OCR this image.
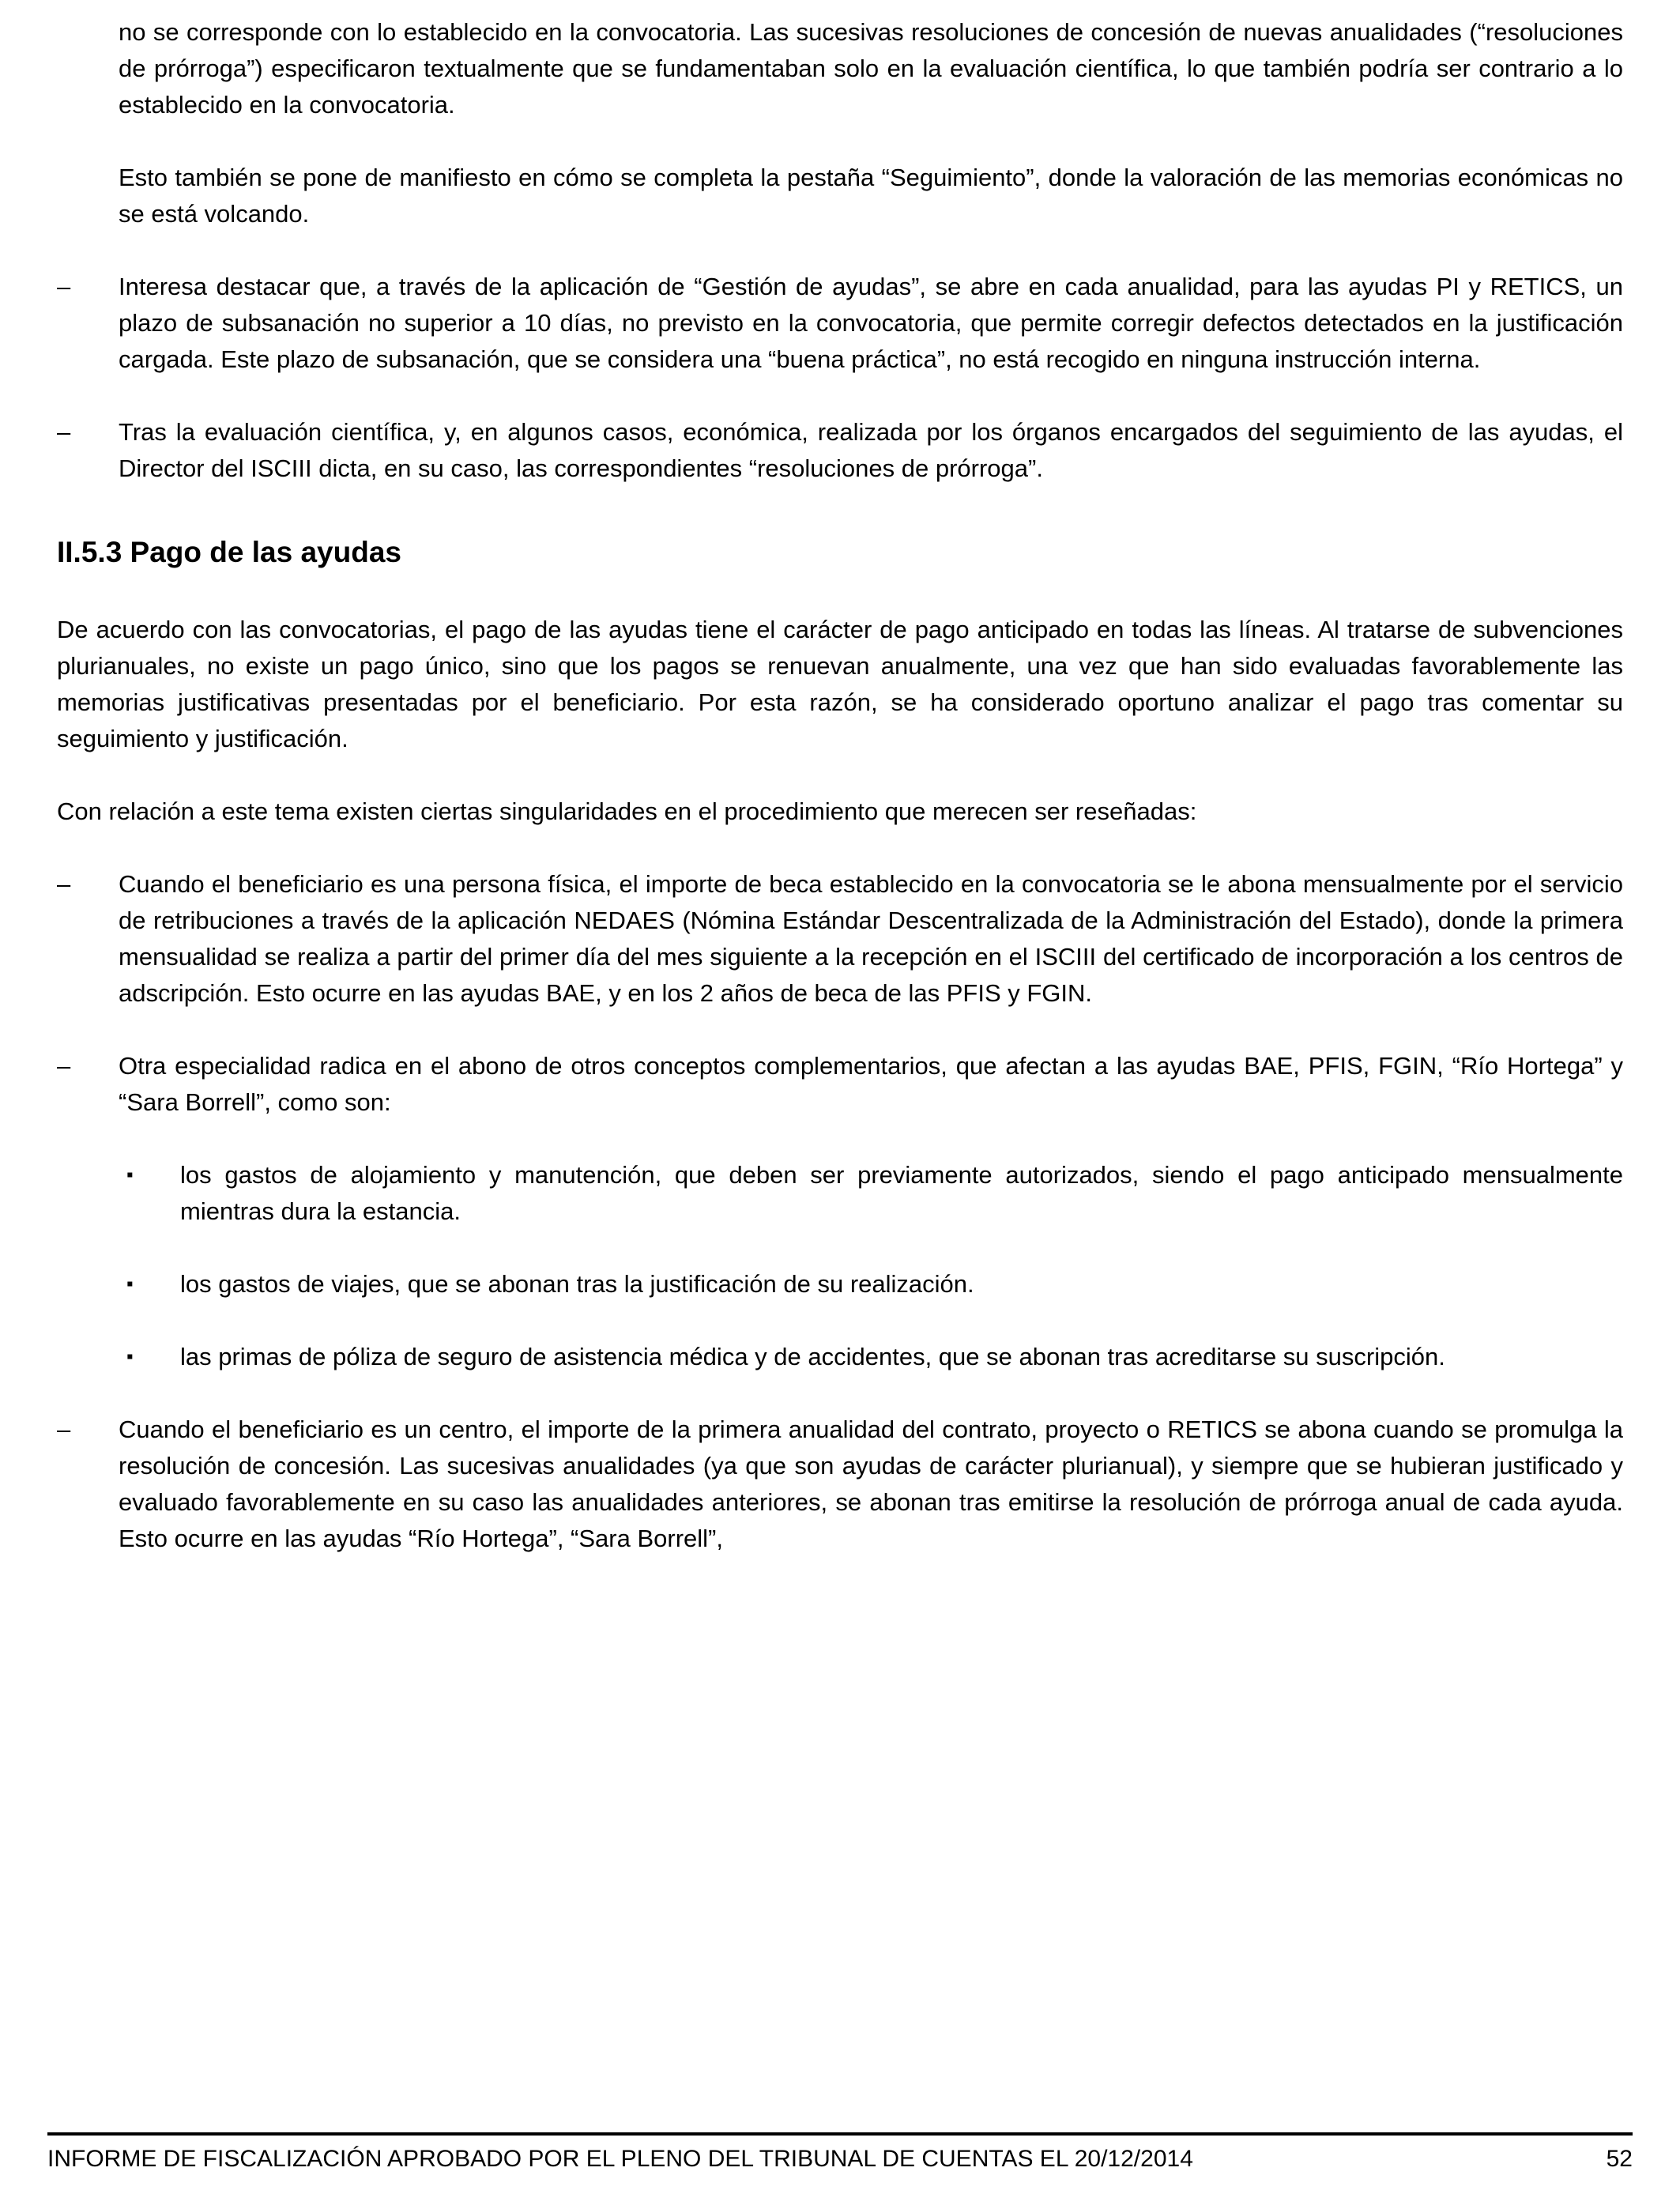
no se corresponde con lo establecido en la convocatoria. Las sucesivas resoluciones de concesión de nuevas anualidades (“resoluciones de prórroga”) especificaron textualmente que se fundamentaban solo en la evaluación científica, lo que también podría ser contrario a lo establecido en la convocatoria.

Esto también se pone de manifiesto en cómo se completa la pestaña “Seguimiento”, donde la valoración de las memorias económicas no se está volcando.

–	Interesa destacar que, a través de la aplicación de “Gestión de ayudas”, se abre en cada anualidad, para las ayudas PI y RETICS, un plazo de subsanación no superior a 10 días, no previsto en la convocatoria, que permite corregir defectos detectados en la justificación cargada. Este plazo de subsanación, que se considera una “buena práctica”, no está recogido en ninguna instrucción interna.

–	Tras la evaluación científica, y, en algunos casos, económica, realizada por los órganos encargados del seguimiento de las ayudas, el Director del ISCIII dicta, en su caso, las correspondientes “resoluciones de prórroga”.

II.5.3 Pago de las ayudas

De acuerdo con las convocatorias, el pago de las ayudas tiene el carácter de pago anticipado en todas las líneas. Al tratarse de subvenciones plurianuales, no existe un pago único, sino que los pagos se renuevan anualmente, una vez que han sido evaluadas favorablemente las memorias justificativas presentadas por el beneficiario. Por esta razón, se ha considerado oportuno analizar el pago tras comentar su seguimiento y justificación.

Con relación a este tema existen ciertas singularidades en el procedimiento que merecen ser reseñadas:

–	Cuando el beneficiario es una persona física, el importe de beca establecido en la convocatoria se le abona mensualmente por el servicio de retribuciones a través de la aplicación NEDAES (Nómina Estándar Descentralizada de la Administración del Estado), donde la primera mensualidad se realiza a partir del primer día del mes siguiente a la recepción en el ISCIII del certificado de incorporación a los centros de adscripción. Esto ocurre en las ayudas BAE, y en los 2 años de beca de las PFIS y FGIN.

–	Otra especialidad radica en el abono de otros conceptos complementarios, que afectan a las ayudas BAE, PFIS, FGIN, “Río Hortega” y “Sara Borrell”, como son:

▪	los gastos de alojamiento y manutención, que deben ser previamente autorizados, siendo el pago anticipado mensualmente mientras dura la estancia.

▪	los gastos de viajes, que se abonan tras la justificación de su realización.

▪	las primas de póliza de seguro de asistencia médica y de accidentes, que se abonan tras acreditarse su suscripción.

–	Cuando el beneficiario es un centro, el importe de la primera anualidad del contrato, proyecto o RETICS se abona cuando se promulga la resolución de concesión. Las sucesivas anualidades (ya que son ayudas de carácter plurianual), y siempre que se hubieran justificado y evaluado favorablemente en su caso las anualidades anteriores, se abonan tras emitirse la resolución de prórroga anual de cada ayuda. Esto ocurre en las ayudas “Río Hortega”, “Sara Borrell”,

INFORME DE FISCALIZACIÓN APROBADO POR EL PLENO DEL TRIBUNAL DE CUENTAS EL 20/12/2014	52
